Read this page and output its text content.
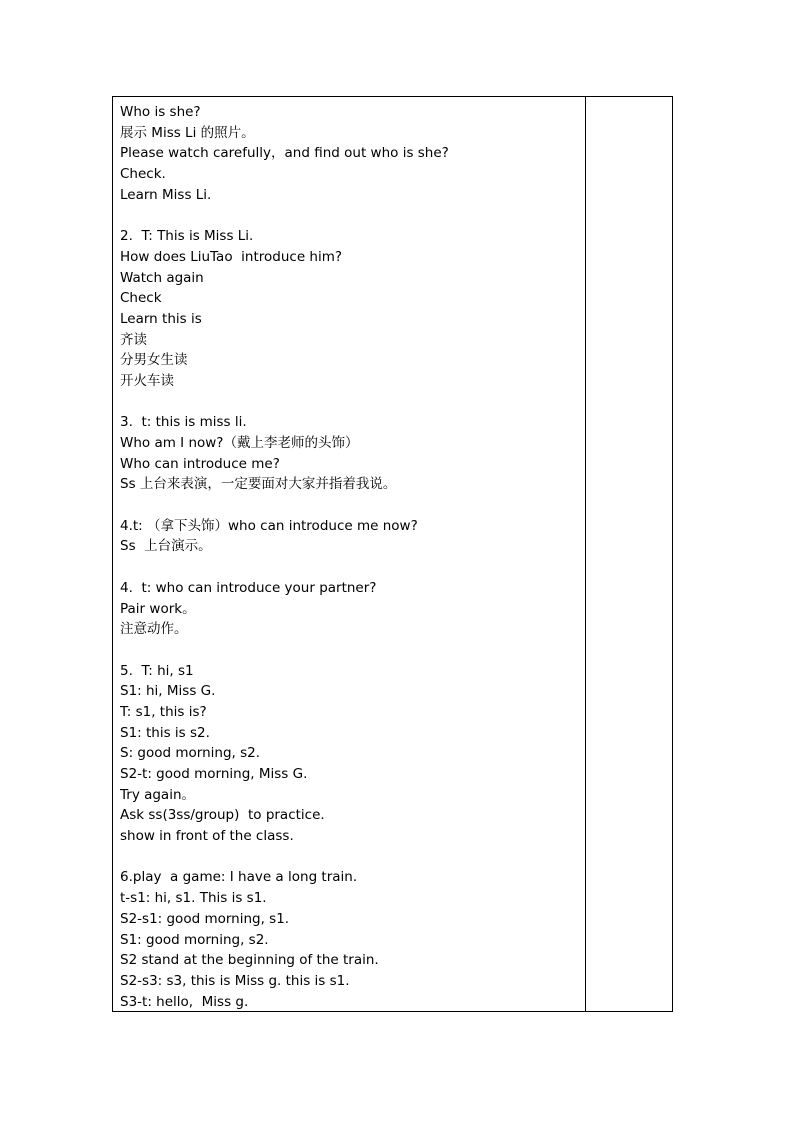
Who is she?
展示 Miss Li 的照片。
Please watch carefully，and find out who is she?
Check.
Learn Miss Li.
2.  T: This is Miss Li.
How does LiuTao  introduce him?
Watch again
Check
Learn this is
齐读
分男女生读
开火车读
3.  t: this is miss li.
Who am I now?（戴上李老师的头饰）
Who can introduce me?
Ss 上台来表演，一定要面对大家并指着我说。
4.t: （拿下头饰）who can introduce me now?
Ss  上台演示。
4.  t: who can introduce your partner?
Pair work。
注意动作。
5.  T: hi, s1
S1: hi, Miss G.
T: s1, this is?
S1: this is s2.
S: good morning, s2.
S2-t: good morning, Miss G.
Try again。
Ask ss(3ss/group)  to practice.
show in front of the class.
6.play  a game: I have a long train.
t-s1: hi, s1. This is s1.
S2-s1: good morning, s1.
S1: good morning, s2.
S2 stand at the beginning of the train.
S2-s3: s3, this is Miss g. this is s1.
S3-t: hello,  Miss g.
